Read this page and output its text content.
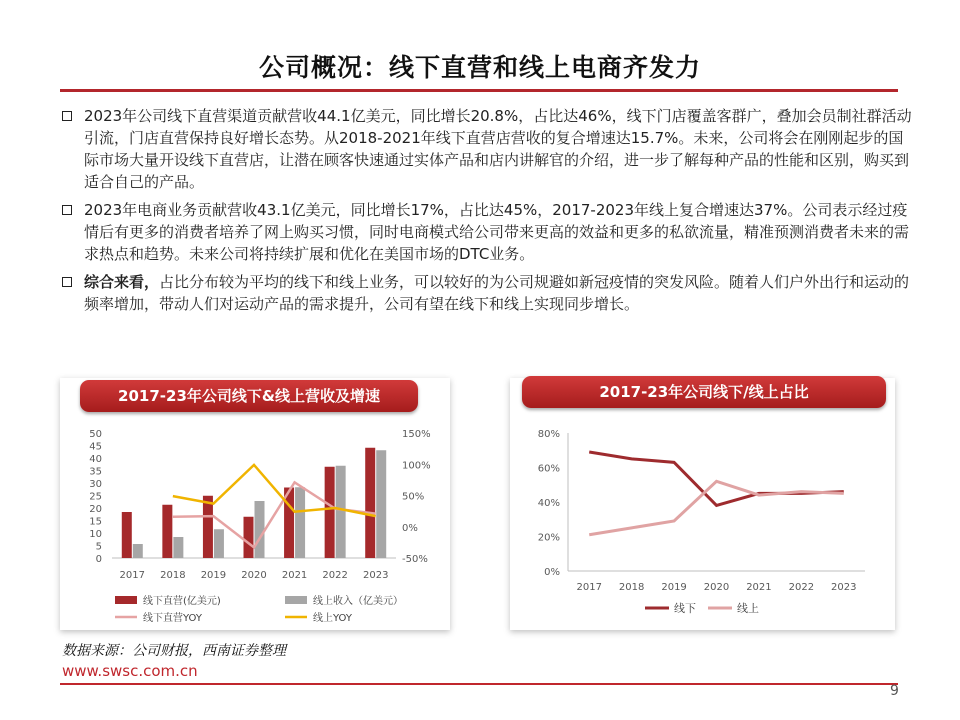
公司概况：线下直营和线上电商齐发力
2023年公司线下直营渠道贡献营收44.1亿美元，同比增长20.8%，占比达46%，线下门店覆盖客群广，叠加会员制社群活动引流，门店直营保持良好增长态势。从2018-2021年线下直营店营收的复合增速达15.7%。未来，公司将会在刚刚起步的国际市场大量开设线下直营店，让潜在顾客快速通过实体产品和店内讲解官的介绍，进一步了解每种产品的性能和区别，购买到适合自己的产品。
2023年电商业务贡献营收43.1亿美元，同比增长17%，占比达45%，2017-2023年线上复合增速达37%。公司表示经过疫情后有更多的消费者培养了网上购买习惯，同时电商模式给公司带来更高的效益和更多的私欲流量，精准预测消费者未来的需求热点和趋势。未来公司将持续扩展和优化在美国市场的DTC业务。
综合来看，占比分布较为平均的线下和线上业务，可以较好的为公司规避如新冠疫情的突发风险。随着人们户外出行和运动的频率增加，带动人们对运动产品的需求提升，公司有望在线下和线上实现同步增长。
0
5
10
15
20
25
30
35
40
45
50
-50%
0%
50%
100%
150%
2017 2018 2019 2020 2021 2022 2023
线下直营(亿美元)	线上收入（亿美元）
线下直营YOY	线上YOY
2017-23年公司线下&线上营收及增速
0%
20%
40%
60%
80%
2017 2018 2019 2020 2021 2022 2023
线下	线上
2017-23年公司线下/线上占比
数据来源：公司财报，西南证券整理
www.swsc.com.cn
9
